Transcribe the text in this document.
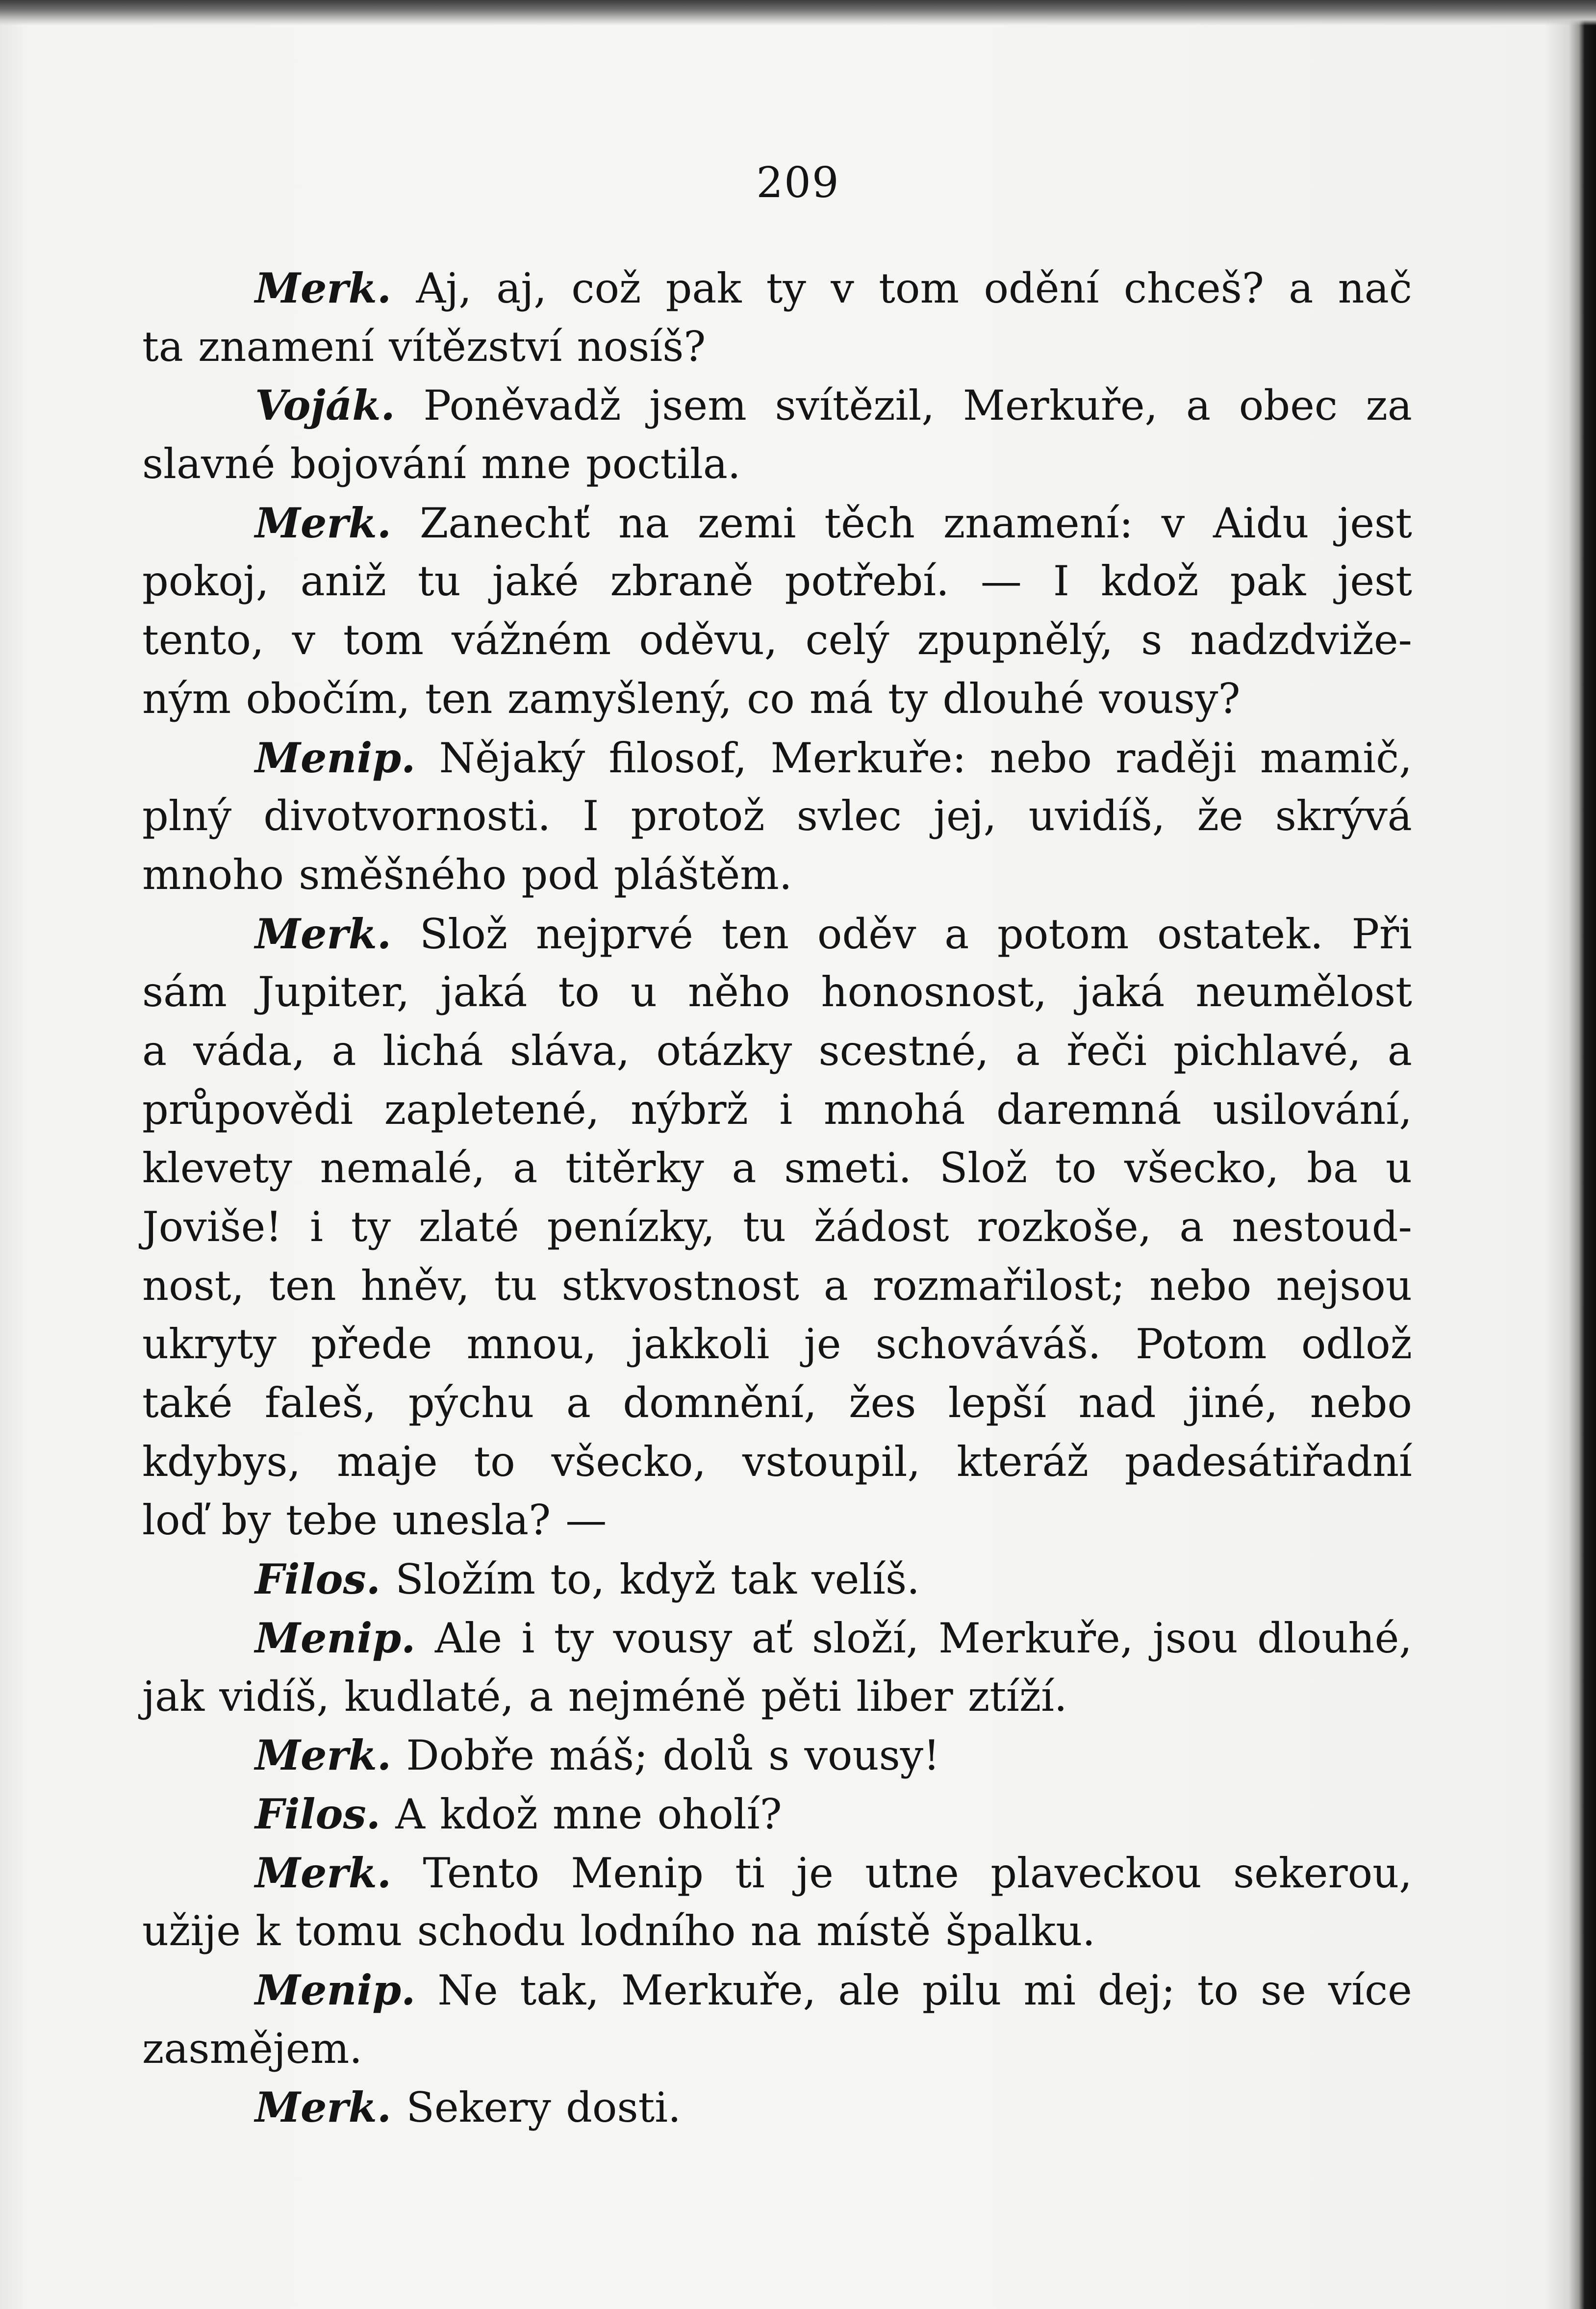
209
Merk. Aj, aj, což pak ty v tom odění chceš? a nač
ta znamení vítězství nosíš?
Voják. Poněvadž jsem svítězil, Merkuře, a obec za
slavné bojování mne poctila.
Merk. Zanechť na zemi těch znamení: v Aidu jest
pokoj, aniž tu jaké zbraně potřebí. — I kdož pak jest
tento, v tom vážném oděvu, celý zpupnělý, s nadzdviže-
ným obočím, ten zamyšlený, co má ty dlouhé vousy?
Menip. Nějaký filosof, Merkuře: nebo raději mamič,
plný divotvornosti. I protož svlec jej, uvidíš, že skrývá
mnoho směšného pod pláštěm.
Merk. Slož nejprvé ten oděv a potom ostatek. Při
sám Jupiter, jaká to u něho honosnost, jaká neumělost
a váda, a lichá sláva, otázky scestné, a řeči pichlavé, a
průpovědi zapletené, nýbrž i mnohá daremná usilování,
klevety nemalé, a titěrky a smeti. Slož to všecko, ba u
Joviše! i ty zlaté penízky, tu žádost rozkoše, a nestoud-
nost, ten hněv, tu stkvostnost a rozmařilost; nebo nejsou
ukryty přede mnou, jakkoli je schováváš. Potom odlož
také faleš, pýchu a domnění, žes lepší nad jiné, nebo
kdybys, maje to všecko, vstoupil, kteráž padesátiřadní
loď by tebe unesla? —
Filos. Složím to, když tak velíš.
Menip. Ale i ty vousy ať složí, Merkuře, jsou dlouhé,
jak vidíš, kudlaté, a nejméně pěti liber ztíží.
Merk. Dobře máš; dolů s vousy!
Filos. A kdož mne oholí?
Merk. Tento Menip ti je utne plaveckou sekerou,
užije k tomu schodu lodního na místě špalku.
Menip. Ne tak, Merkuře, ale pilu mi dej; to se více
zasmějem.
Merk. Sekery dosti.
